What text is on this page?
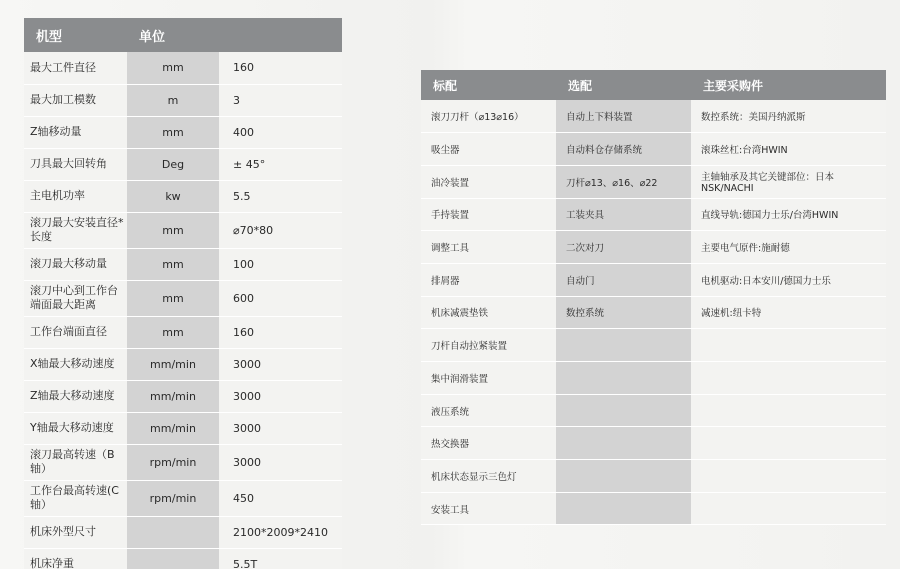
机型	单位	
最大工件直径	mm	160
最大加工模数	m	3
Z轴移动量	mm	400
刀具最大回转角	Deg	± 45°
主电机功率	kw	5.5
滚刀最大安装直径*长度	mm	⌀70*80
滚刀最大移动量	mm	100
滚刀中心到工作台端面最大距离	mm	600
工作台端面直径	mm	160
X轴最大移动速度	mm/min	3000
Z轴最大移动速度	mm/min	3000
Y轴最大移动速度	mm/min	3000
滚刀最高转速（B轴）	rpm/min	3000
工作台最高转速(C轴）	rpm/min	450
机床外型尺寸		2100*2009*2410
机床净重		5.5T
标配	选配	主要采购件
滚刀刀杆（⌀13⌀16）	自动上下料装置	数控系统：美国丹纳派斯
吸尘器	自动料仓存储系统	滚珠丝杠:台湾HWIN
油冷装置	刀杆⌀13、⌀16、⌀22	主轴轴承及其它关键部位：日本NSK/NACHI
手持装置	工装夹具	直线导轨:德国力士乐/台湾HWIN
调整工具	二次对刀	主要电气原件:施耐德
排屑器	自动门	电机驱动:日本安川/德国力士乐
机床减震垫铁	数控系统	减速机:纽卡特
刀杆自动拉紧装置		
集中润滑装置		
液压系统		
热交换器		
机床状态显示三色灯		
安装工具		
